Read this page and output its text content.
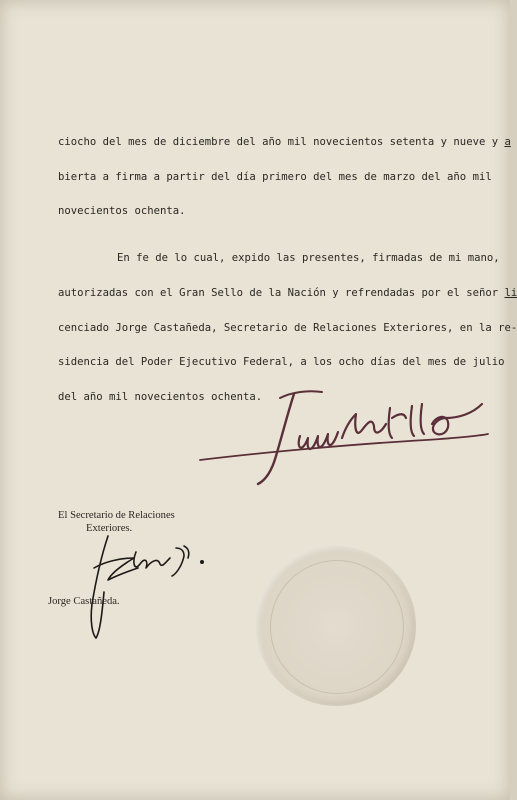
ciocho del mes de diciembre del año mil novecientos setenta y nueve y a
bierta a firma a partir del día primero del mes de marzo del año mil
novecientos ochenta.
En fe de lo cual, expido las presentes, firmadas de mi mano,
autorizadas con el Gran Sello de la Nación y refrendadas por el señor li
cenciado Jorge Castañeda, Secretario de Relaciones Exteriores, en la re-
sidencia del Poder Ejecutivo Federal, a los ocho días del mes de julio
del año mil novecientos ochenta.
El Secretario de Relaciones
Exteriores.
Jorge Castañeda.
